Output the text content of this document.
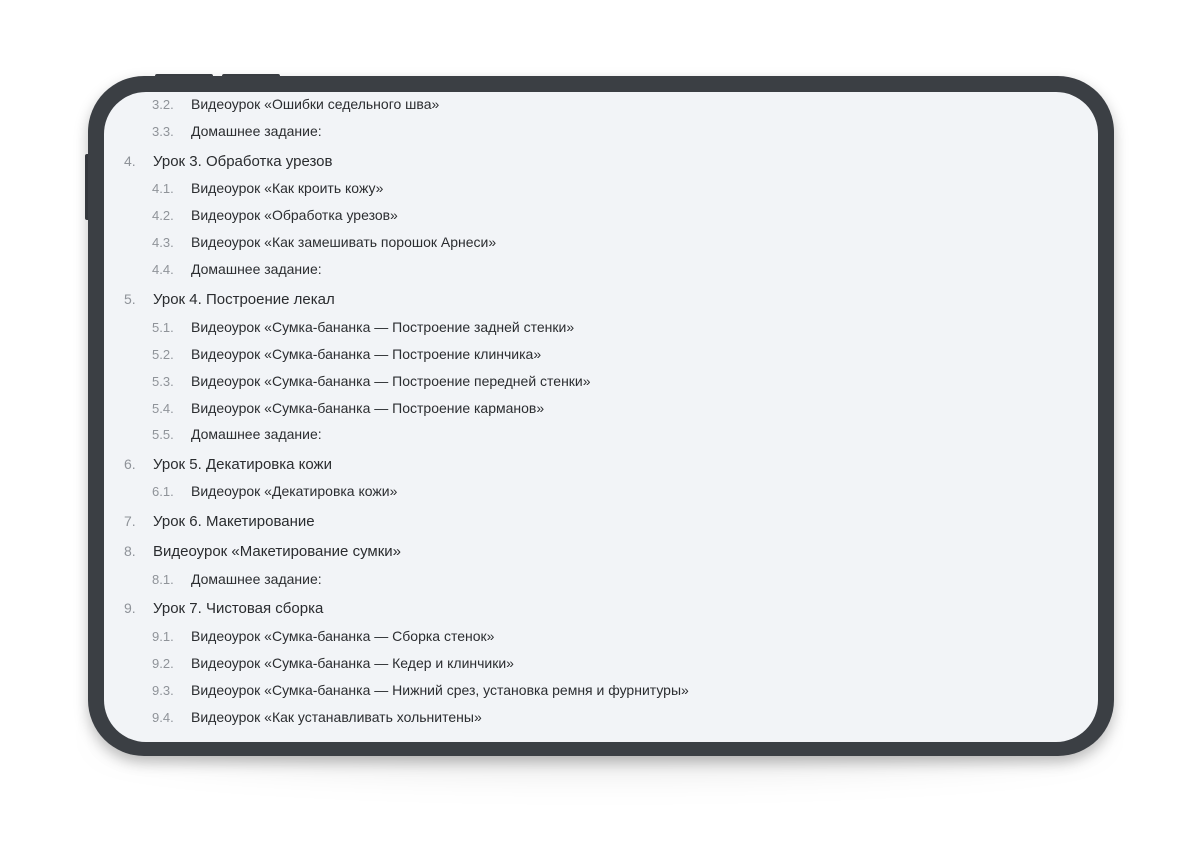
3.2.	Видеоурок «Ошибки седельного шва»
3.3.	Домашнее задание:
4.	Урок 3. Обработка урезов
4.1.	Видеоурок «Как кроить кожу»
4.2.	Видеоурок «Обработка урезов»
4.3.	Видеоурок «Как замешивать порошок Арнеси»
4.4.	Домашнее задание:
5.	Урок 4. Построение лекал
5.1.	Видеоурок «Сумка-бананка — Построение задней стенки»
5.2.	Видеоурок «Сумка-бананка — Построение клинчика»
5.3.	Видеоурок «Сумка-бананка — Построение передней стенки»
5.4.	Видеоурок «Сумка-бананка — Построение карманов»
5.5.	Домашнее задание:
6.	Урок 5. Декатировка кожи
6.1.	Видеоурок «Декатировка кожи»
7.	Урок 6. Макетирование
8.	Видеоурок «Макетирование сумки»
8.1.	Домашнее задание:
9.	Урок 7. Чистовая сборка
9.1.	Видеоурок «Сумка-бананка — Сборка стенок»
9.2.	Видеоурок «Сумка-бананка — Кедер и клинчики»
9.3.	Видеоурок «Сумка-бананка — Нижний срез, установка ремня и фурнитуры»
9.4.	Видеоурок «Как устанавливать хольнитены»
